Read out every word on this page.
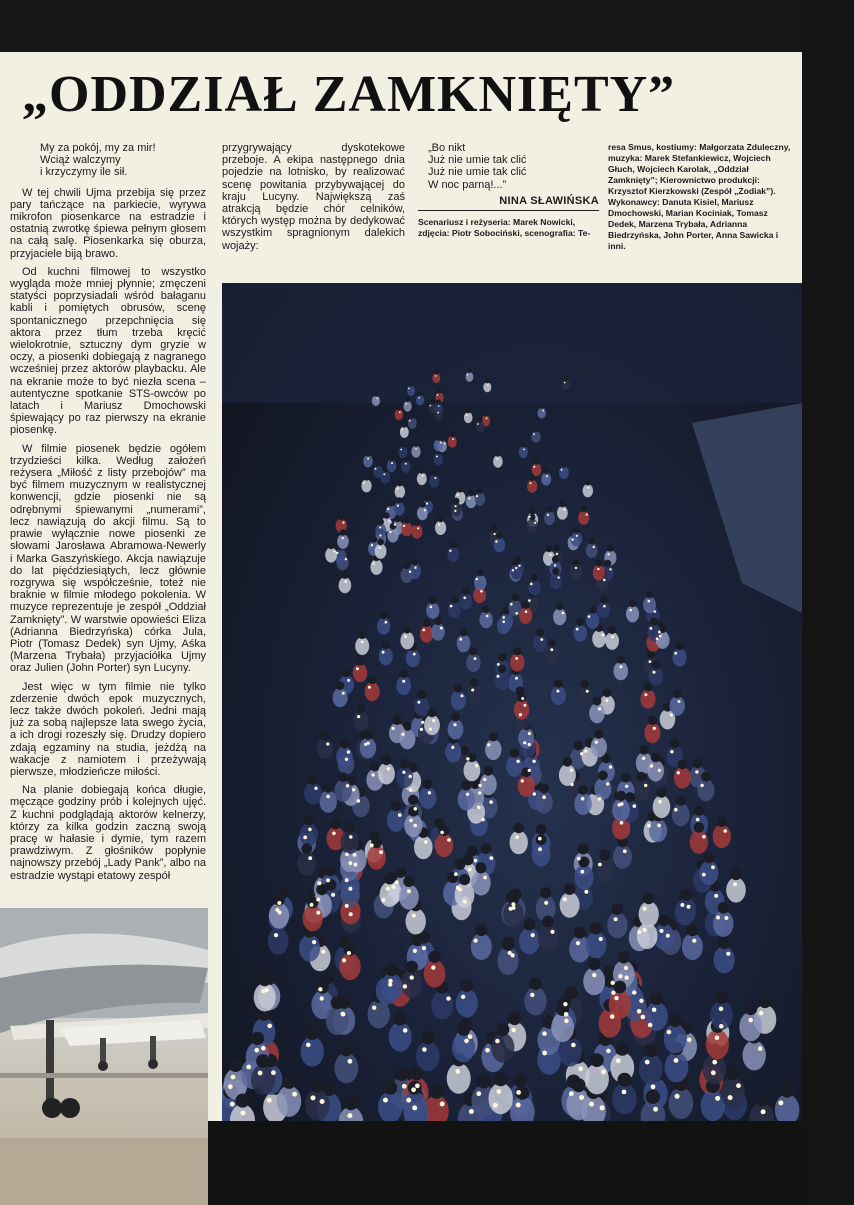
„ODDZIAŁ ZAMKNIĘTY”

My za pokój, my za mir!
Wciąż walczymy
i krzyczymy ile sił.

W tej chwili Ujma przebija się przez pary tańczące na parkiecie, wyrywa mikrofon piosenkarce na estradzie i ostatnią zwrotkę śpiewa pełnym głosem na całą salę. Piosenkarka się oburza, przyjaciele biją brawo.

Od kuchni filmowej to wszystko wygląda może mniej płynnie; zmęczeni statyści poprzysiadali wśród bałaganu kabli i pomiętych obrusów, scenę spontanicznego przepchnięcia się aktora przez tłum trzeba kręcić wielokrotnie, sztuczny dym gryzie w oczy, a piosenki dobiegają z nagranego wcześniej przez aktorów playbacku. Ale na ekranie może to być niezła scena – autentyczne spotkanie STS-owców po latach i Mariusz Dmochowski śpiewający po raz pierwszy na ekranie piosenkę.

W filmie piosenek będzie ogółem trzydzieści kilka. Według założeń reżysera „Miłość z listy przebojów” ma być filmem muzycznym w realistycznej konwencji, gdzie piosenki nie są odrębnymi śpiewanymi „numerami”, lecz nawiązują do akcji filmu. Są to prawie wyłącznie nowe piosenki ze słowami Jarosława Abramowa-Newerly i Marka Gaszyńskiego. Akcja nawiązuje do lat pięćdziesiątych, lecz głównie rozgrywa się współcześnie, toteż nie braknie w filmie młodego pokolenia. W muzyce reprezentuje je zespół „Oddział Zamknięty”. W warstwie opowieści Eliza (Adrianna Biedrzyńska) córka Jula, Piotr (Tomasz Dedek) syn Ujmy, Aśka (Marzena Trybała) przyjaciółka Ujmy oraz Julien (John Porter) syn Lucyny.

Jest więc w tym filmie nie tylko zderzenie dwóch epok muzycznych, lecz także dwóch pokoleń. Jedni mają już za sobą najlepsze lata swego życia, a ich drogi rozeszły się. Drudzy dopiero zdają egzaminy na studia, jeżdżą na wakacje z namiotem i przeżywają pierwsze, młodzieńcze miłości.

Na planie dobiegają końca długie, męczące godziny prób i kolejnych ujęć. Z kuchni podglądają aktorów kelnerzy, którzy za kilka godzin zaczną swoją pracę w hałasie i dymie, tym razem prawdziwym. Z głośników popłynie najnowszy przebój „Lady Pank”, albo na estradzie wystąpi etatowy zespół

przygrywający dyskotekowe przeboje. A ekipa następnego dnia pojedzie na lotnisko, by realizować scenę powitania przybywającej do kraju Lucyny. Największą zaś atrakcją będzie chór celników, których występ można by dedykować wszystkim spragnionym dalekich wojaży:

„Bo nikt
Już nie umie tak clić
Już nie umie tak clić
W noc parną!...”

NINA SŁAWIŃSKA

Scenariusz i reżyseria: Marek Nowicki, zdjęcia: Piotr Sobociński, scenografia: Te-

resa Smus, kostiumy: Małgorzata Zduleczny, muzyka: Marek Stefankiewicz, Wojciech Głuch, Wojciech Karolak, „Oddział Zamknięty”; Kierownictwo produkcji: Krzysztof Kierzkowski (Zespół „Zodiak”). Wykonawcy: Danuta Kisiel, Mariusz Dmochowski, Marian Kociniak, Tomasz Dedek, Marzena Trybała, Adrianna Biedrzyńska, John Porter, Anna Sawicka i inni.
